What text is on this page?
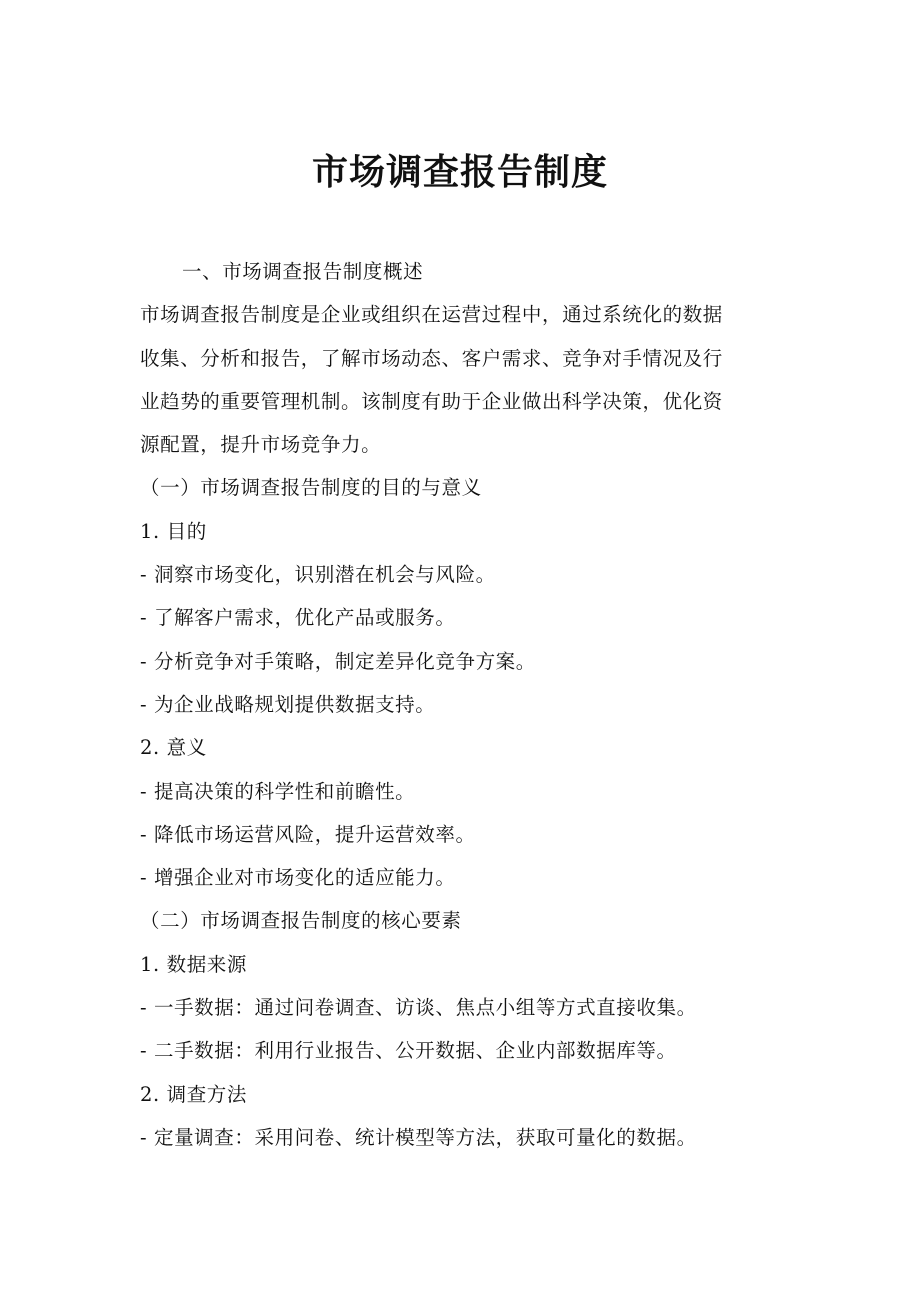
市场调查报告制度
一、市场调查报告制度概述
市场调查报告制度是企业或组织在运营过程中，通过系统化的数据
收集、分析和报告，了解市场动态、客户需求、竞争对手情况及行
业趋势的重要管理机制。该制度有助于企业做出科学决策，优化资
源配置，提升市场竞争力。
（一）市场调查报告制度的目的与意义
1. 目的
- 洞察市场变化，识别潜在机会与风险。
- 了解客户需求，优化产品或服务。
- 分析竞争对手策略，制定差异化竞争方案。
- 为企业战略规划提供数据支持。
2. 意义
- 提高决策的科学性和前瞻性。
- 降低市场运营风险，提升运营效率。
- 增强企业对市场变化的适应能力。
（二）市场调查报告制度的核心要素
1. 数据来源
- 一手数据：通过问卷调查、访谈、焦点小组等方式直接收集。
- 二手数据：利用行业报告、公开数据、企业内部数据库等。
2. 调查方法
- 定量调查：采用问卷、统计模型等方法，获取可量化的数据。
